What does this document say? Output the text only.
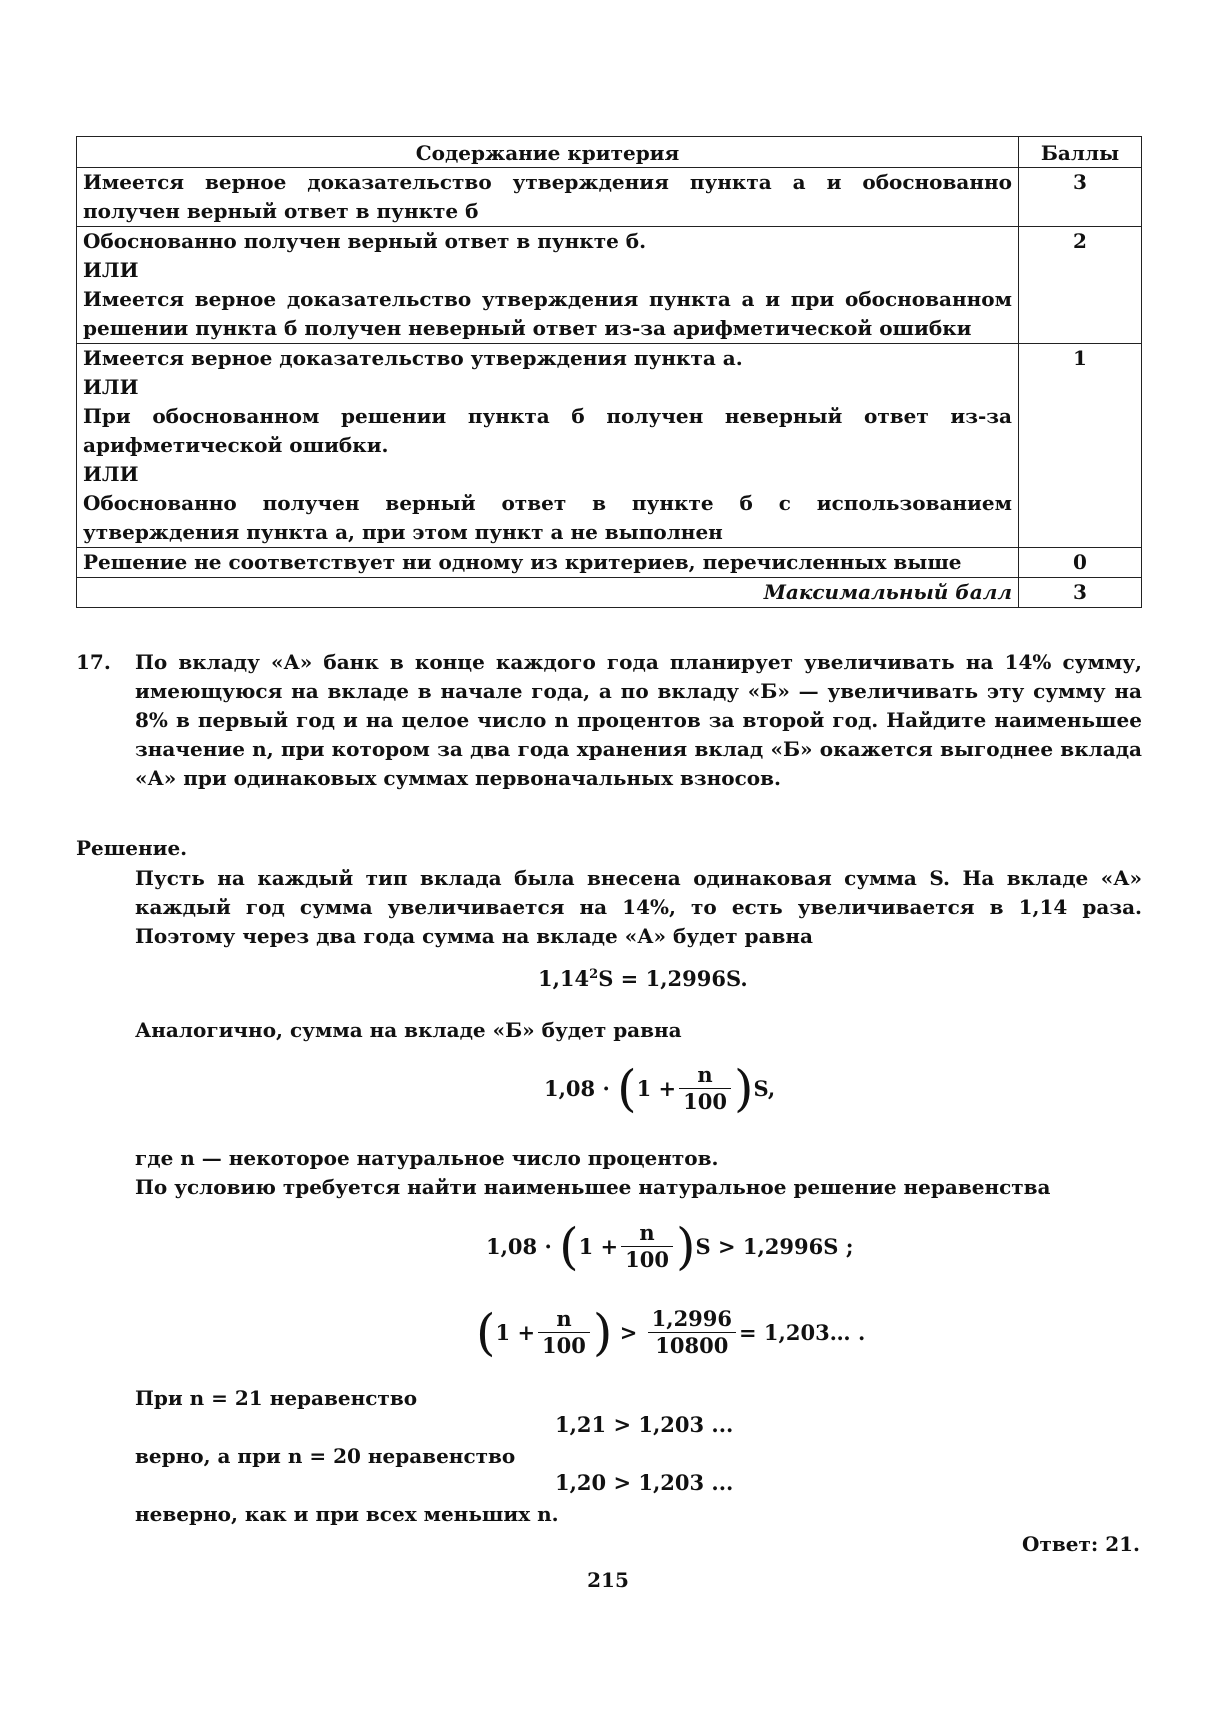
Содержание критерия	Баллы

Имеется верное доказательство утверждения пункта а и обоснованно получен верный ответ в пункте б	3

Обоснованно получен верный ответ в пункте б.
ИЛИ
Имеется верное доказательство утверждения пункта а и при обоснованном решении пункта б получен неверный ответ из-за арифметической ошибки	2

Имеется верное доказательство утверждения пункта а.
ИЛИ
При обоснованном решении пункта б получен неверный ответ из-за арифметической ошибки.
ИЛИ
Обоснованно получен верный ответ в пункте б с использованием утверждения пункта а, при этом пункт а не выполнен	1

Решение не соответствует ни одному из критериев, перечисленных выше	0
Максимальный балл	3
17. По вкладу «А» банк в конце каждого года планирует увеличивать на 14% сумму, имеющуюся на вкладе в начале года, а по вкладу «Б» — увеличивать эту сумму на 8% в первый год и на целое число n процентов за второй год. Найдите наименьшее значение n, при котором за два года хранения вклад «Б» окажется выгоднее вклада «А» при одинаковых суммах первоначальных взносов.
Решение.
Пусть на каждый тип вклада была внесена одинаковая сумма S. На вкладе «А» каждый год сумма увеличивается на 14%, то есть увеличивается в 1,14 раза. Поэтому через два года сумма на вкладе «А» будет равна
$1,14^2S = 1,2996S$.
Аналогично, сумма на вкладе «Б» будет равна
$1,08 \cdot (1 + \frac{n}{100} )S$,
где n — некоторое натуральное число процентов.
По условию требуется найти наименьшее натуральное решение неравенства
$1,08 \cdot (1 + \frac{n}{100} )S > 1,2996S$ ;
($1 + \frac{n}{100}$ ) > $\frac{1,2996}{10800}$ = 1,203… .
При n = 21 неравенство
1,21 > 1,203 ...
верно, а при n = 20 неравенство
1,20 > 1,203 ...
неверно, как и при всех меньших n.
Ответ: 21.
215
